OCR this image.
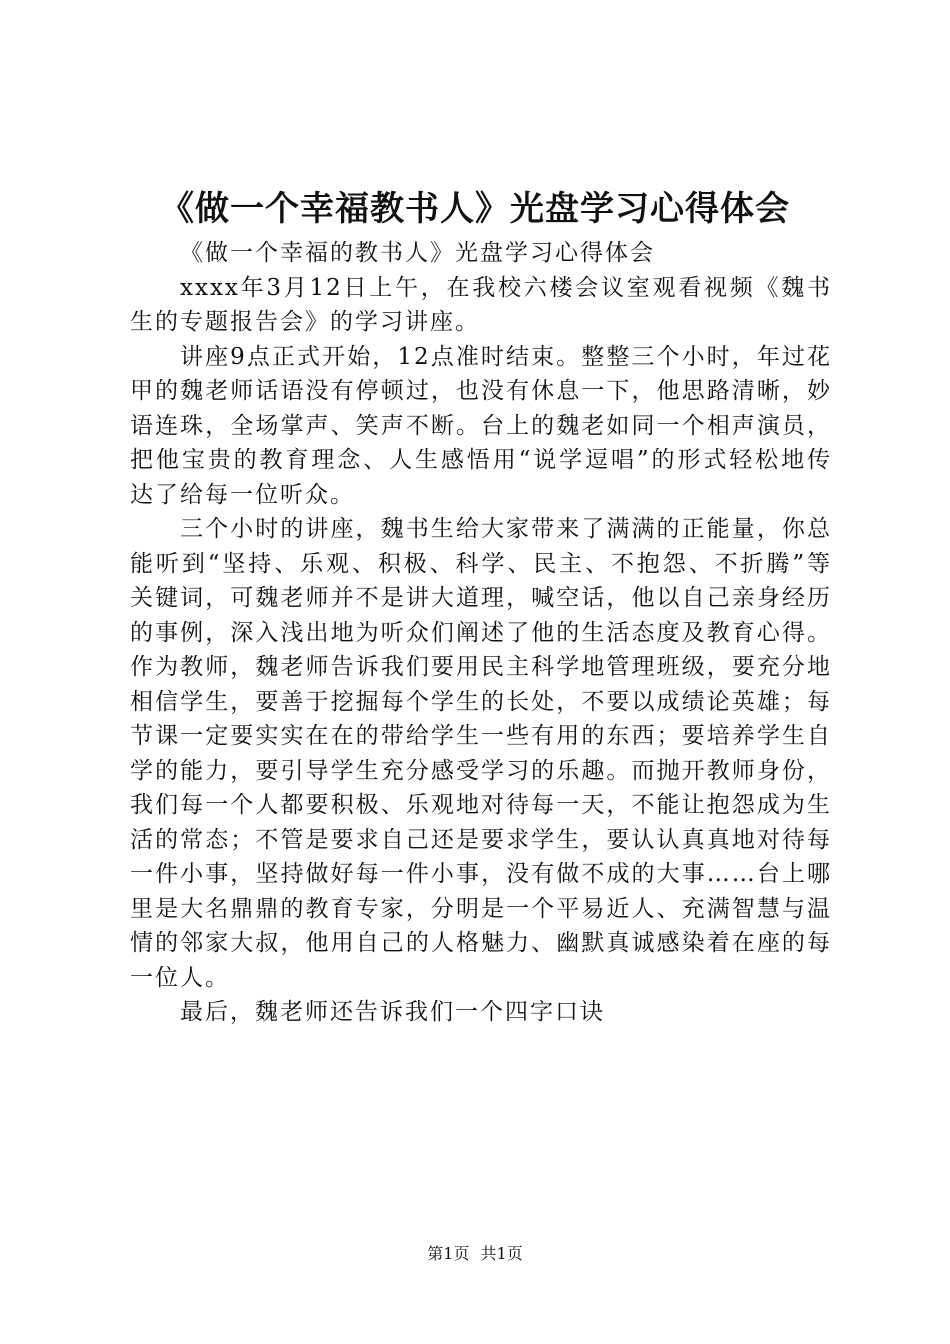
《做一个幸福教书人》光盘学习心得体会
《做一个幸福的教书人》光盘学习心得体会

xxxx年3月12日上午，在我校六楼会议室观看视频《魏书生的专题报告会》的学习讲座。

讲座9点正式开始，12点准时结束。整整三个小时，年过花甲的魏老师话语没有停顿过，也没有休息一下，他思路清晰，妙语连珠，全场掌声、笑声不断。台上的魏老如同一个相声演员，把他宝贵的教育理念、人生感悟用“说学逗唱”的形式轻松地传达了给每一位听众。

三个小时的讲座，魏书生给大家带来了满满的正能量，你总能听到“坚持、乐观、积极、科学、民主、不抱怨、不折腾”等关键词，可魏老师并不是讲大道理，喊空话，他以自己亲身经历的事例，深入浅出地为听众们阐述了他的生活态度及教育心得。作为教师，魏老师告诉我们要用民主科学地管理班级，要充分地相信学生，要善于挖掘每个学生的长处，不要以成绩论英雄；每节课一定要实实在在的带给学生一些有用的东西；要培养学生自学的能力，要引导学生充分感受学习的乐趣。而抛开教师身份，我们每一个人都要积极、乐观地对待每一天，不能让抱怨成为生活的常态；不管是要求自己还是要求学生，要认认真真地对待每一件小事，坚持做好每一件小事，没有做不成的大事……台上哪里是大名鼎鼎的教育专家，分明是一个平易近人、充满智慧与温情的邻家大叔，他用自己的人格魅力、幽默真诚感染着在座的每一位人。

最后，魏老师还告诉我们一个四字口诀

第1页 共1页
